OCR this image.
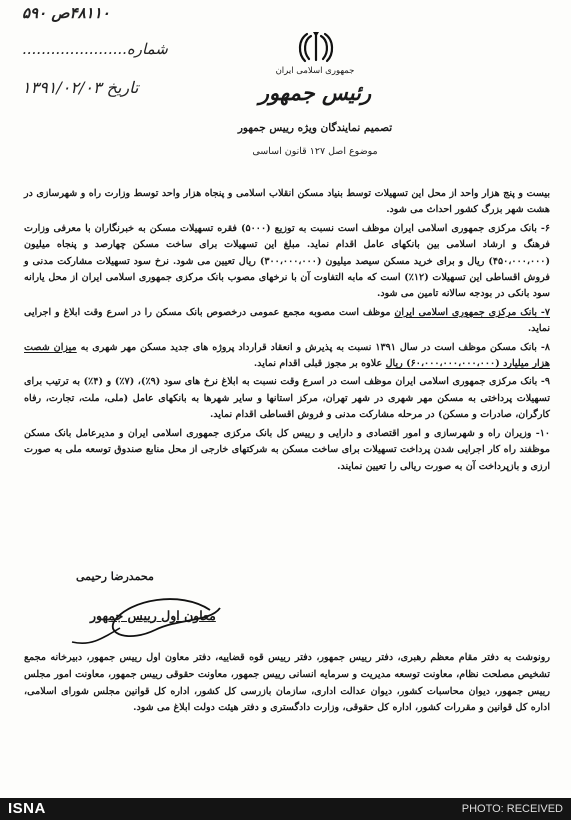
۴۸۱۱۰ص ۵۹۰
شماره......................
تاریخ ۱۳۹۱/۰۲/۰۳
جمهوری اسلامی ایران
رئیس جمهور
تصمیم نمایندگان ویژه رییس جمهور
موضوع اصل ۱۲۷ قانون اساسی

بیست و پنج هزار واحد از محل این تسهیلات توسط بنیاد مسکن انقلاب اسلامی و پنجاه هزار واحد توسط وزارت راه و شهرسازی در هشت شهر بزرگ کشور احداث می شود.

۶- بانک مرکزی جمهوری اسلامی ایران موظف است نسبت به توزیع (۵۰۰۰) فقره تسهیلات مسکن به خبرنگاران با معرفی وزارت فرهنگ و ارشاد اسلامی بین بانکهای عامل اقدام نماید. مبلغ این تسهیلات برای ساخت مسکن چهارصد و پنجاه میلیون (۴۵۰،۰۰۰،۰۰۰) ریال و برای خرید مسکن سیصد میلیون (۳۰۰،۰۰۰،۰۰۰) ریال تعیین می شود. نرخ سود تسهیلات مشارکت مدنی و فروش اقساطی این تسهیلات (۱۲٪) است که مابه التفاوت آن با نرخهای مصوب بانک مرکزی جمهوری اسلامی ایران از محل یارانه سود بانکی در بودجه سالانه تامین می شود.

۷- بانک مرکزی جمهوری اسلامی ایران موظف است مصوبه مجمع عمومی درخصوص بانک مسکن را در اسرع وقت ابلاغ و اجرایی نماید.

۸- بانک مسکن موظف است در سال ۱۳۹۱ نسبت به پذیرش و انعقاد قرارداد پروژه های جدید مسکن مهر شهری به میزان شصت هزار میلیارد (۶۰،۰۰۰،۰۰۰،۰۰۰،۰۰۰) ریال علاوه بر مجوز قبلی اقدام نماید.

۹- بانک مرکزی جمهوری اسلامی ایران موظف است در اسرع وقت نسبت به ابلاغ نرخ های سود (۹٪)، (۷٪) و (۴٪) به ترتیب برای تسهیلات پرداختی به مسکن مهر شهری در شهر تهران، مرکز استانها و سایر شهرها به بانکهای عامل (ملی، ملت، تجارت، رفاه کارگران، صادرات و مسکن) در مرحله مشارکت مدنی و فروش اقساطی اقدام نماید.

۱۰- وزیران راه و شهرسازی و امور اقتصادی و دارایی و رییس کل بانک مرکزی جمهوری اسلامی ایران و مدیرعامل بانک مسکن موظفند راه کار اجرایی شدن پرداخت تسهیلات برای ساخت مسکن به شرکتهای خارجی از محل منابع صندوق توسعه ملی به صورت ارزی و بازپرداخت آن به صورت ریالی را تعیین نمایند.

محمدرضا رحیمی
معاون اول رییس جمهور

رونوشت به دفتر مقام معظم رهبری، دفتر رییس جمهور، دفتر رییس قوه قضاییه، دفتر معاون اول رییس جمهور، دبیرخانه مجمع تشخیص مصلحت نظام، معاونت توسعه مدیریت و سرمایه انسانی رییس جمهور، معاونت حقوقی رییس جمهور، معاونت امور مجلس رییس جمهور، دیوان محاسبات کشور، دیوان عدالت اداری، سازمان بازرسی کل کشور، اداره کل قوانین مجلس شورای اسلامی، اداره کل قوانین و مقررات کشور، اداره کل حقوقی، وزارت دادگستری و دفتر هیئت دولت ابلاغ می شود.

ISNA	PHOTO: RECEIVED
